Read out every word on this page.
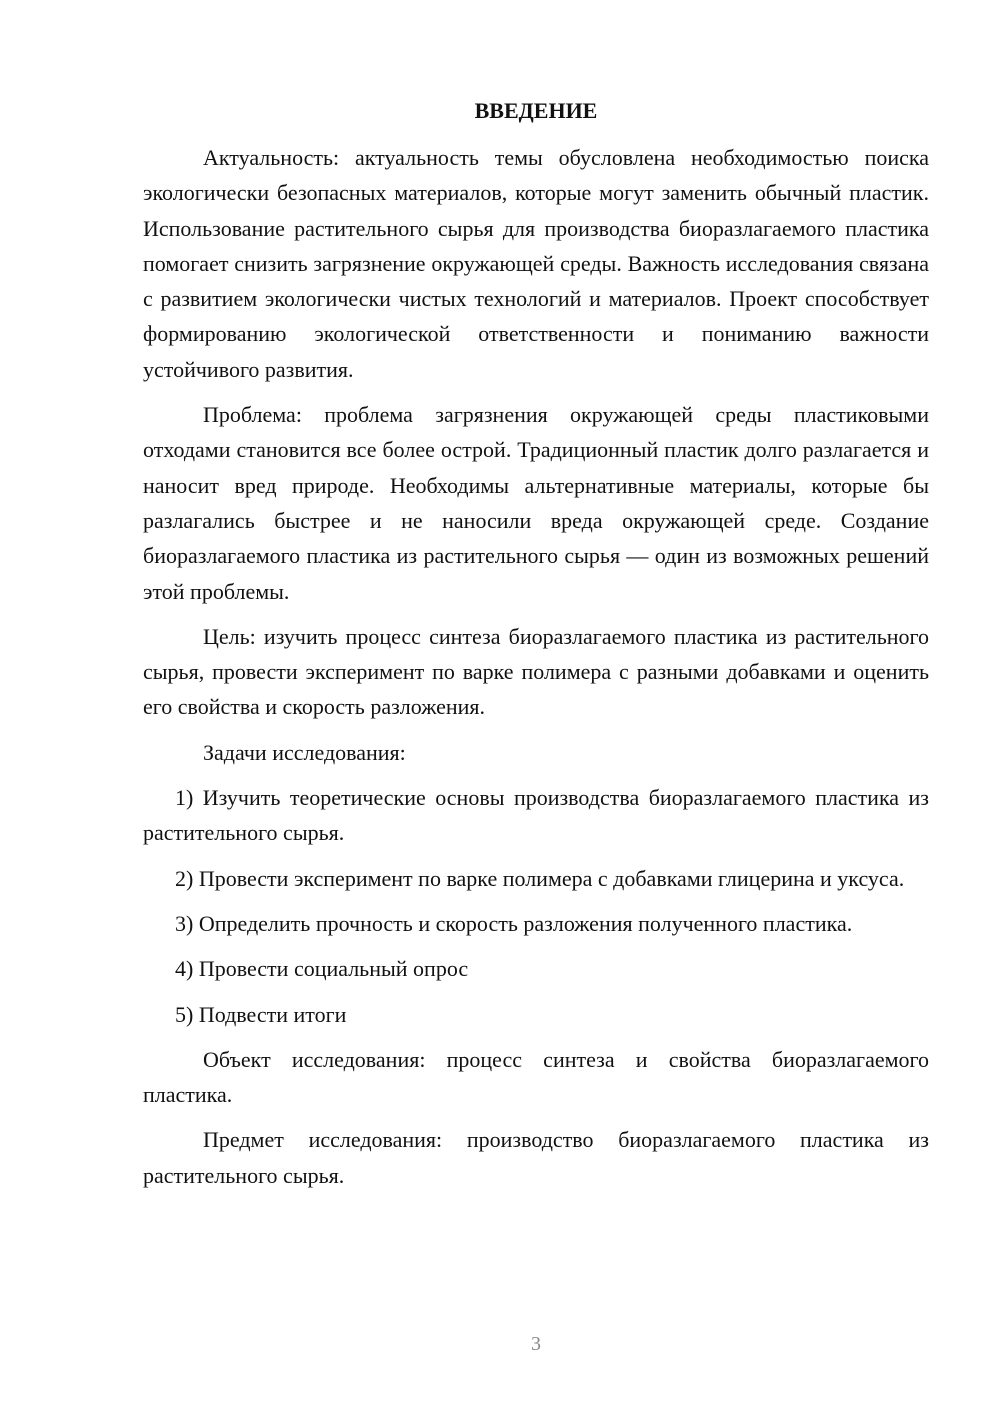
ВВЕДЕНИЕ

Актуальность: актуальность темы обусловлена необходимостью поиска экологически безопасных материалов, которые могут заменить обычный пластик. Использование растительного сырья для производства биоразлагаемого пластика помогает снизить загрязнение окружающей среды. Важность исследования связана с развитием экологически чистых технологий и материалов. Проект способствует формированию экологической ответственности и пониманию важности устойчивого развития.

Проблема: проблема загрязнения окружающей среды пластиковыми отходами становится все более острой. Традиционный пластик долго разлагается и наносит вред природе. Необходимы альтернативные материалы, которые бы разлагались быстрее и не наносили вреда окружающей среде. Создание биоразлагаемого пластика из растительного сырья — один из возможных решений этой проблемы.

Цель: изучить процесс синтеза биоразлагаемого пластика из растительного сырья, провести эксперимент по варке полимера с разными добавками и оценить его свойства и скорость разложения.

Задачи исследования:

1) Изучить теоретические основы производства биоразлагаемого пластика из растительного сырья.

2) Провести эксперимент по варке полимера с добавками глицерина и уксуса.

3) Определить прочность и скорость разложения полученного пластика.

4) Провести социальный опрос

5) Подвести итоги

Объект исследования: процесс синтеза и свойства биоразлагаемого пластика.

Предмет исследования: производство биоразлагаемого пластика из растительного сырья.

3
